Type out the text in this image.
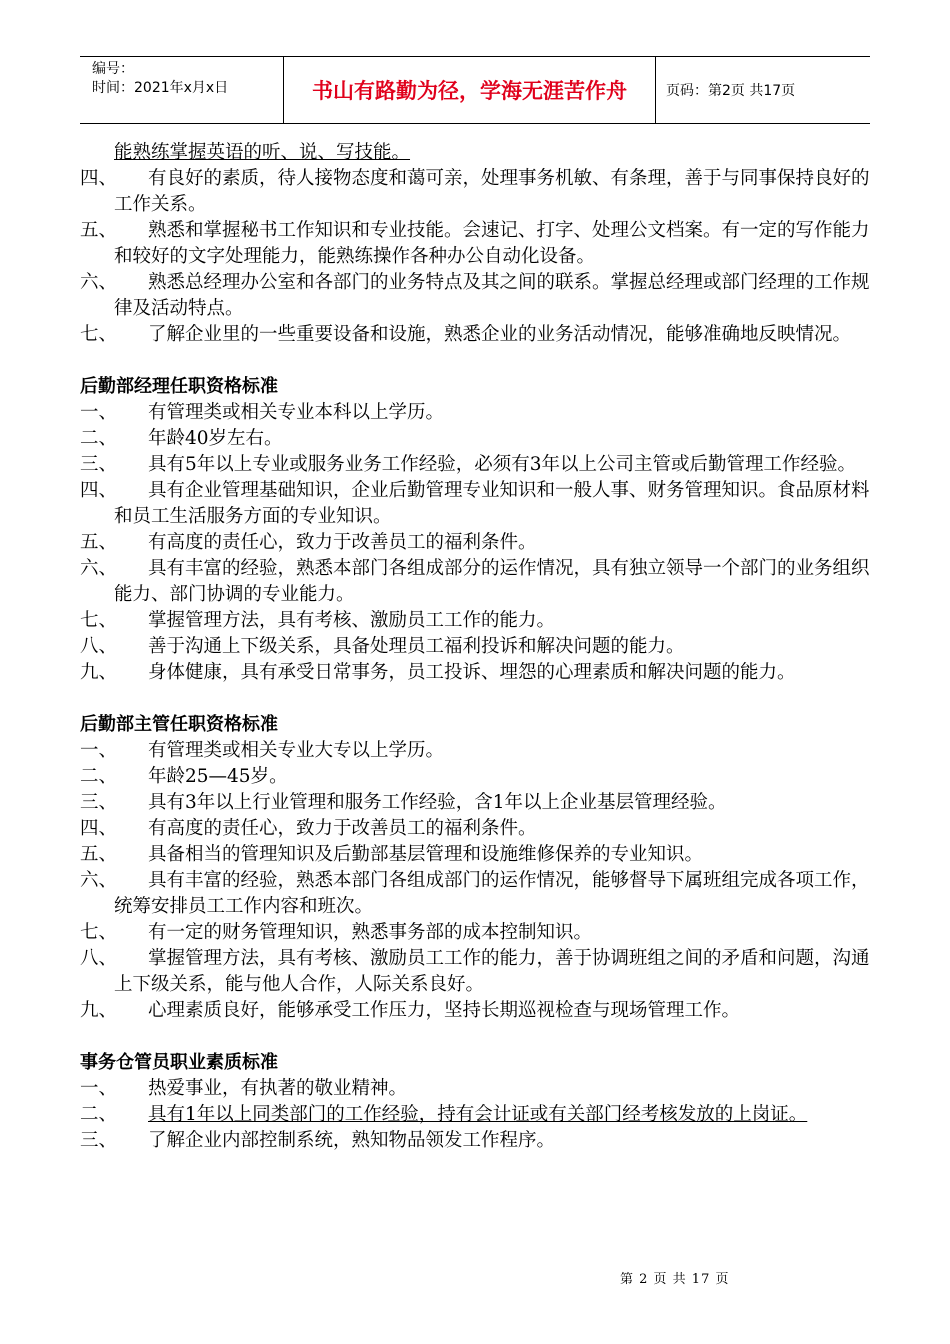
编号：
时间：2021年x月x日	书山有路勤为径，学海无涯苦作舟	页码：第2页 共17页
能熟练掌握英语的听、说、写技能。
四、	有良好的素质，待人接物态度和蔼可亲，处理事务机敏、有条理，善于与同事保持良好的工作关系。
五、	熟悉和掌握秘书工作知识和专业技能。会速记、打字、处理公文档案。有一定的写作能力和较好的文字处理能力，能熟练操作各种办公自动化设备。
六、	熟悉总经理办公室和各部门的业务特点及其之间的联系。掌握总经理或部门经理的工作规律及活动特点。
七、	了解企业里的一些重要设备和设施，熟悉企业的业务活动情况，能够准确地反映情况。
后勤部经理任职资格标准
一、	有管理类或相关专业本科以上学历。
二、	年龄40岁左右。
三、	具有5年以上专业或服务业务工作经验，必须有3年以上公司主管或后勤管理工作经验。
四、	具有企业管理基础知识，企业后勤管理专业知识和一般人事、财务管理知识。食品原材料和员工生活服务方面的专业知识。
五、	有高度的责任心，致力于改善员工的福利条件。
六、	具有丰富的经验，熟悉本部门各组成部分的运作情况，具有独立领导一个部门的业务组织能力、部门协调的专业能力。
七、	掌握管理方法，具有考核、激励员工工作的能力。
八、	善于沟通上下级关系，具备处理员工福利投诉和解决问题的能力。
九、	身体健康，具有承受日常事务，员工投诉、埋怨的心理素质和解决问题的能力。
后勤部主管任职资格标准
一、	有管理类或相关专业大专以上学历。
二、	年龄25—45岁。
三、	具有3年以上行业管理和服务工作经验，含1年以上企业基层管理经验。
四、	有高度的责任心，致力于改善员工的福利条件。
五、	具备相当的管理知识及后勤部基层管理和设施维修保养的专业知识。
六、	具有丰富的经验，熟悉本部门各组成部门的运作情况，能够督导下属班组完成各项工作，统筹安排员工工作内容和班次。
七、	有一定的财务管理知识，熟悉事务部的成本控制知识。
八、	掌握管理方法，具有考核、激励员工工作的能力，善于协调班组之间的矛盾和问题，沟通上下级关系，能与他人合作，人际关系良好。
九、	心理素质良好，能够承受工作压力，坚持长期巡视检查与现场管理工作。
事务仓管员职业素质标准
一、	热爱事业，有执著的敬业精神。
二、	具有1年以上同类部门的工作经验，持有会计证或有关部门经考核发放的上岗证。
三、	了解企业内部控制系统，熟知物品领发工作程序。
第 2 页 共 17 页
